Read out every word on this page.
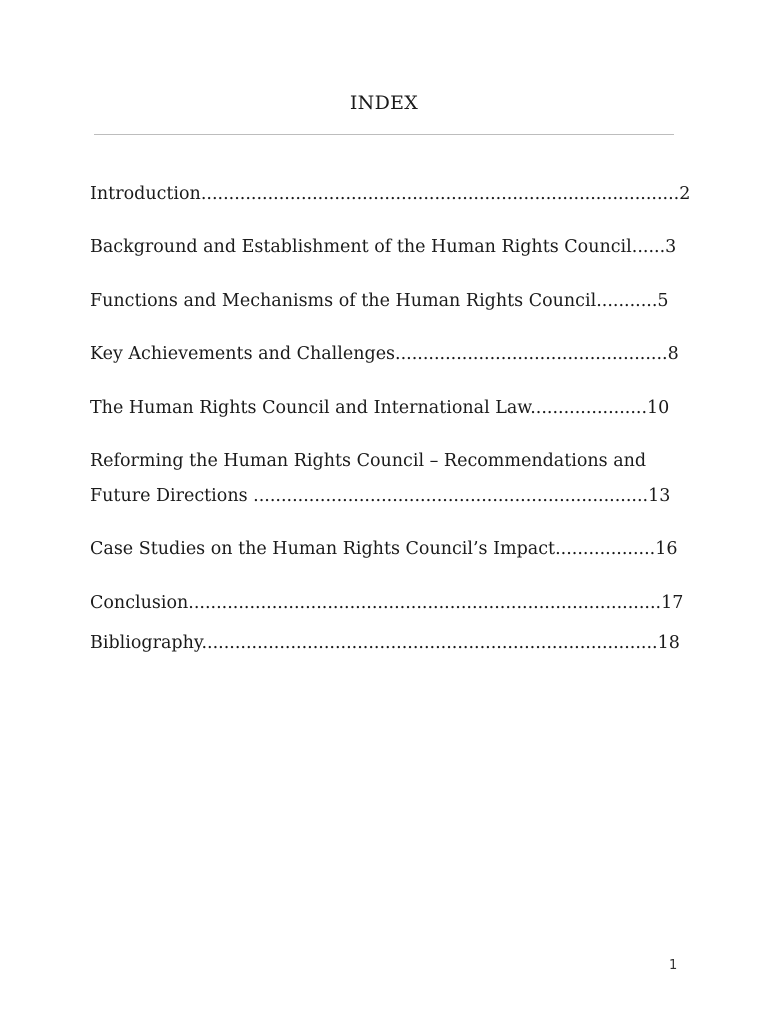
INDEX
Introduction......................................................................................2
Background and Establishment of the Human Rights Council......3
Functions and Mechanisms of the Human Rights Council...........5
Key Achievements and Challenges.................................................8
The Human Rights Council and International Law.....................10
Reforming the Human Rights Council – Recommendations and
Future Directions .......................................................................13
Case Studies on the Human Rights Council’s Impact..................16
Conclusion.....................................................................................17
Bibliography..................................................................................18
1
